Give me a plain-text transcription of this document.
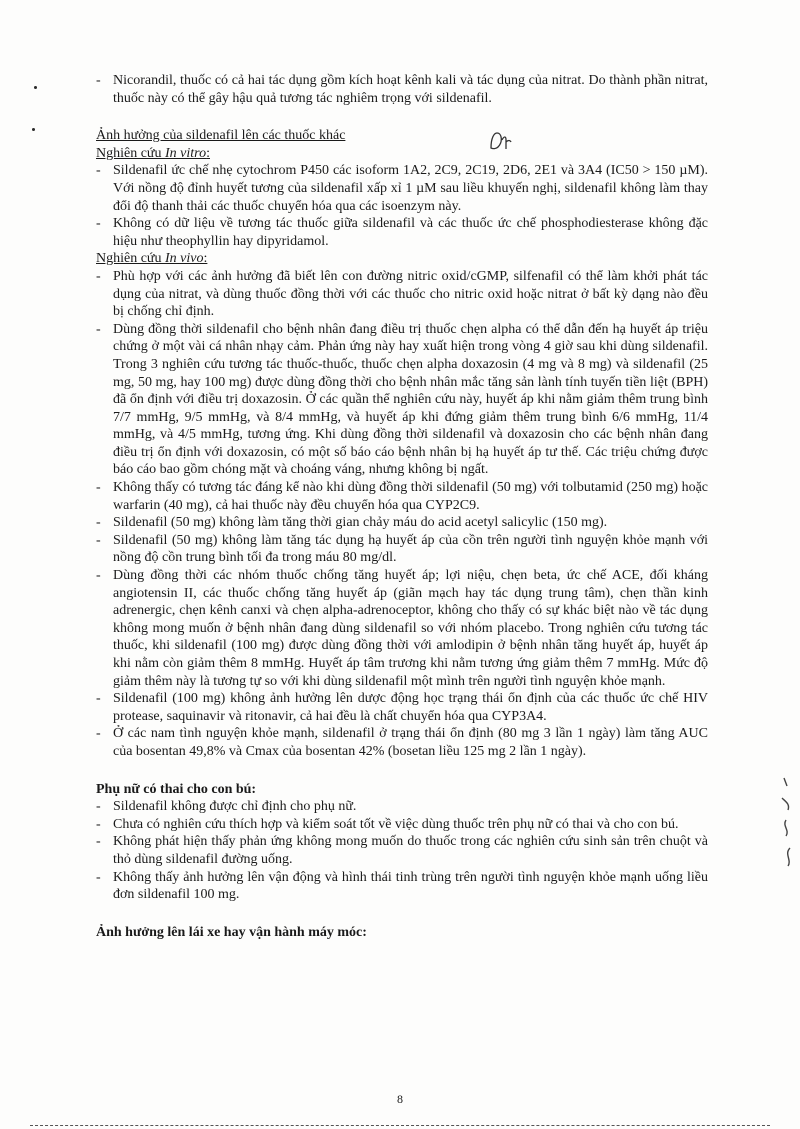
- Nicorandil, thuốc có cả hai tác dụng gồm kích hoạt kênh kali và tác dụng của nitrat. Do thành phần nitrat, thuốc này có thể gây hậu quả tương tác nghiêm trọng với sildenafil.

Ảnh hưởng của sildenafil lên các thuốc khác

Nghiên cứu In vitro:

- Sildenafil ức chế nhẹ cytochrom P450 các isoform 1A2, 2C9, 2C19, 2D6, 2E1 và 3A4 (IC50 > 150 µM). Với nồng độ đỉnh huyết tương của sildenafil xấp xỉ 1 µM sau liều khuyến nghị, sildenafil không làm thay đổi độ thanh thải các thuốc chuyển hóa qua các isoenzym này.

- Không có dữ liệu về tương tác thuốc giữa sildenafil và các thuốc ức chế phosphodiesterase không đặc hiệu như theophyllin hay dipyridamol.

Nghiên cứu In vivo:

- Phù hợp với các ảnh hưởng đã biết lên con đường nitric oxid/cGMP, silfenafil có thể làm khởi phát tác dụng của nitrat, và dùng thuốc đồng thời với các thuốc cho nitric oxid hoặc nitrat ở bất kỳ dạng nào đều bị chống chỉ định.

- Dùng đồng thời sildenafil cho bệnh nhân đang điều trị thuốc chẹn alpha có thể dẫn đến hạ huyết áp triệu chứng ở một vài cá nhân nhạy cảm. Phản ứng này hay xuất hiện trong vòng 4 giờ sau khi dùng sildenafil. Trong 3 nghiên cứu tương tác thuốc-thuốc, thuốc chẹn alpha doxazosin (4 mg và 8 mg) và sildenafil (25 mg, 50 mg, hay 100 mg) được dùng đồng thời cho bệnh nhân mắc tăng sản lành tính tuyến tiền liệt (BPH) đã ổn định với điều trị doxazosin. Ở các quần thể nghiên cứu này, huyết áp khi nằm giảm thêm trung bình 7/7 mmHg, 9/5 mmHg, và 8/4 mmHg, và huyết áp khi đứng giảm thêm trung bình 6/6 mmHg, 11/4 mmHg, và 4/5 mmHg, tương ứng. Khi dùng đồng thời sildenafil và doxazosin cho các bệnh nhân đang điều trị ổn định với doxazosin, có một số báo cáo bệnh nhân bị hạ huyết áp tư thế. Các triệu chứng được báo cáo bao gồm chóng mặt và choáng váng, nhưng không bị ngất.

- Không thấy có tương tác đáng kể nào khi dùng đồng thời sildenafil (50 mg) với tolbutamid (250 mg) hoặc warfarin (40 mg), cả hai thuốc này đều chuyển hóa qua CYP2C9.

- Sildenafil (50 mg) không làm tăng thời gian chảy máu do acid acetyl salicylic (150 mg).

- Sildenafil (50 mg) không làm tăng tác dụng hạ huyết áp của cồn trên người tình nguyện khỏe mạnh với nồng độ cồn trung bình tối đa trong máu 80 mg/dl.

- Dùng đồng thời các nhóm thuốc chống tăng huyết áp; lợi niệu, chẹn beta, ức chế ACE, đối kháng angiotensin II, các thuốc chống tăng huyết áp (giãn mạch hay tác dụng trung tâm), chẹn thần kinh adrenergic, chẹn kênh canxi và chẹn alpha-adrenoceptor, không cho thấy có sự khác biệt nào về tác dụng không mong muốn ở bệnh nhân đang dùng sildenafil so với nhóm placebo. Trong nghiên cứu tương tác thuốc, khi sildenafil (100 mg) được dùng đồng thời với amlodipin ở bệnh nhân tăng huyết áp, huyết áp khi nằm còn giảm thêm 8 mmHg. Huyết áp tâm trương khi nằm tương ứng giảm thêm 7 mmHg. Mức độ giảm thêm này là tương tự so với khi dùng sildenafil một mình trên người tình nguyện khỏe mạnh.

- Sildenafil (100 mg) không ảnh hưởng lên dược động học trạng thái ổn định của các thuốc ức chế HIV protease, saquinavir và ritonavir, cả hai đều là chất chuyển hóa qua CYP3A4.

- Ở các nam tình nguyện khỏe mạnh, sildenafil ở trạng thái ổn định (80 mg 3 lần 1 ngày) làm tăng AUC của bosentan 49,8% và Cmax của bosentan 42% (bosetan liều 125 mg 2 lần 1 ngày).

Phụ nữ có thai cho con bú:

- Sildenafil không được chỉ định cho phụ nữ.

- Chưa có nghiên cứu thích hợp và kiểm soát tốt về việc dùng thuốc trên phụ nữ có thai và cho con bú.

- Không phát hiện thấy phản ứng không mong muốn do thuốc trong các nghiên cứu sinh sản trên chuột và thỏ dùng sildenafil đường uống.

- Không thấy ảnh hưởng lên vận động và hình thái tinh trùng trên người tình nguyện khỏe mạnh uống liều đơn sildenafil 100 mg.

Ảnh hưởng lên lái xe hay vận hành máy móc:

8
